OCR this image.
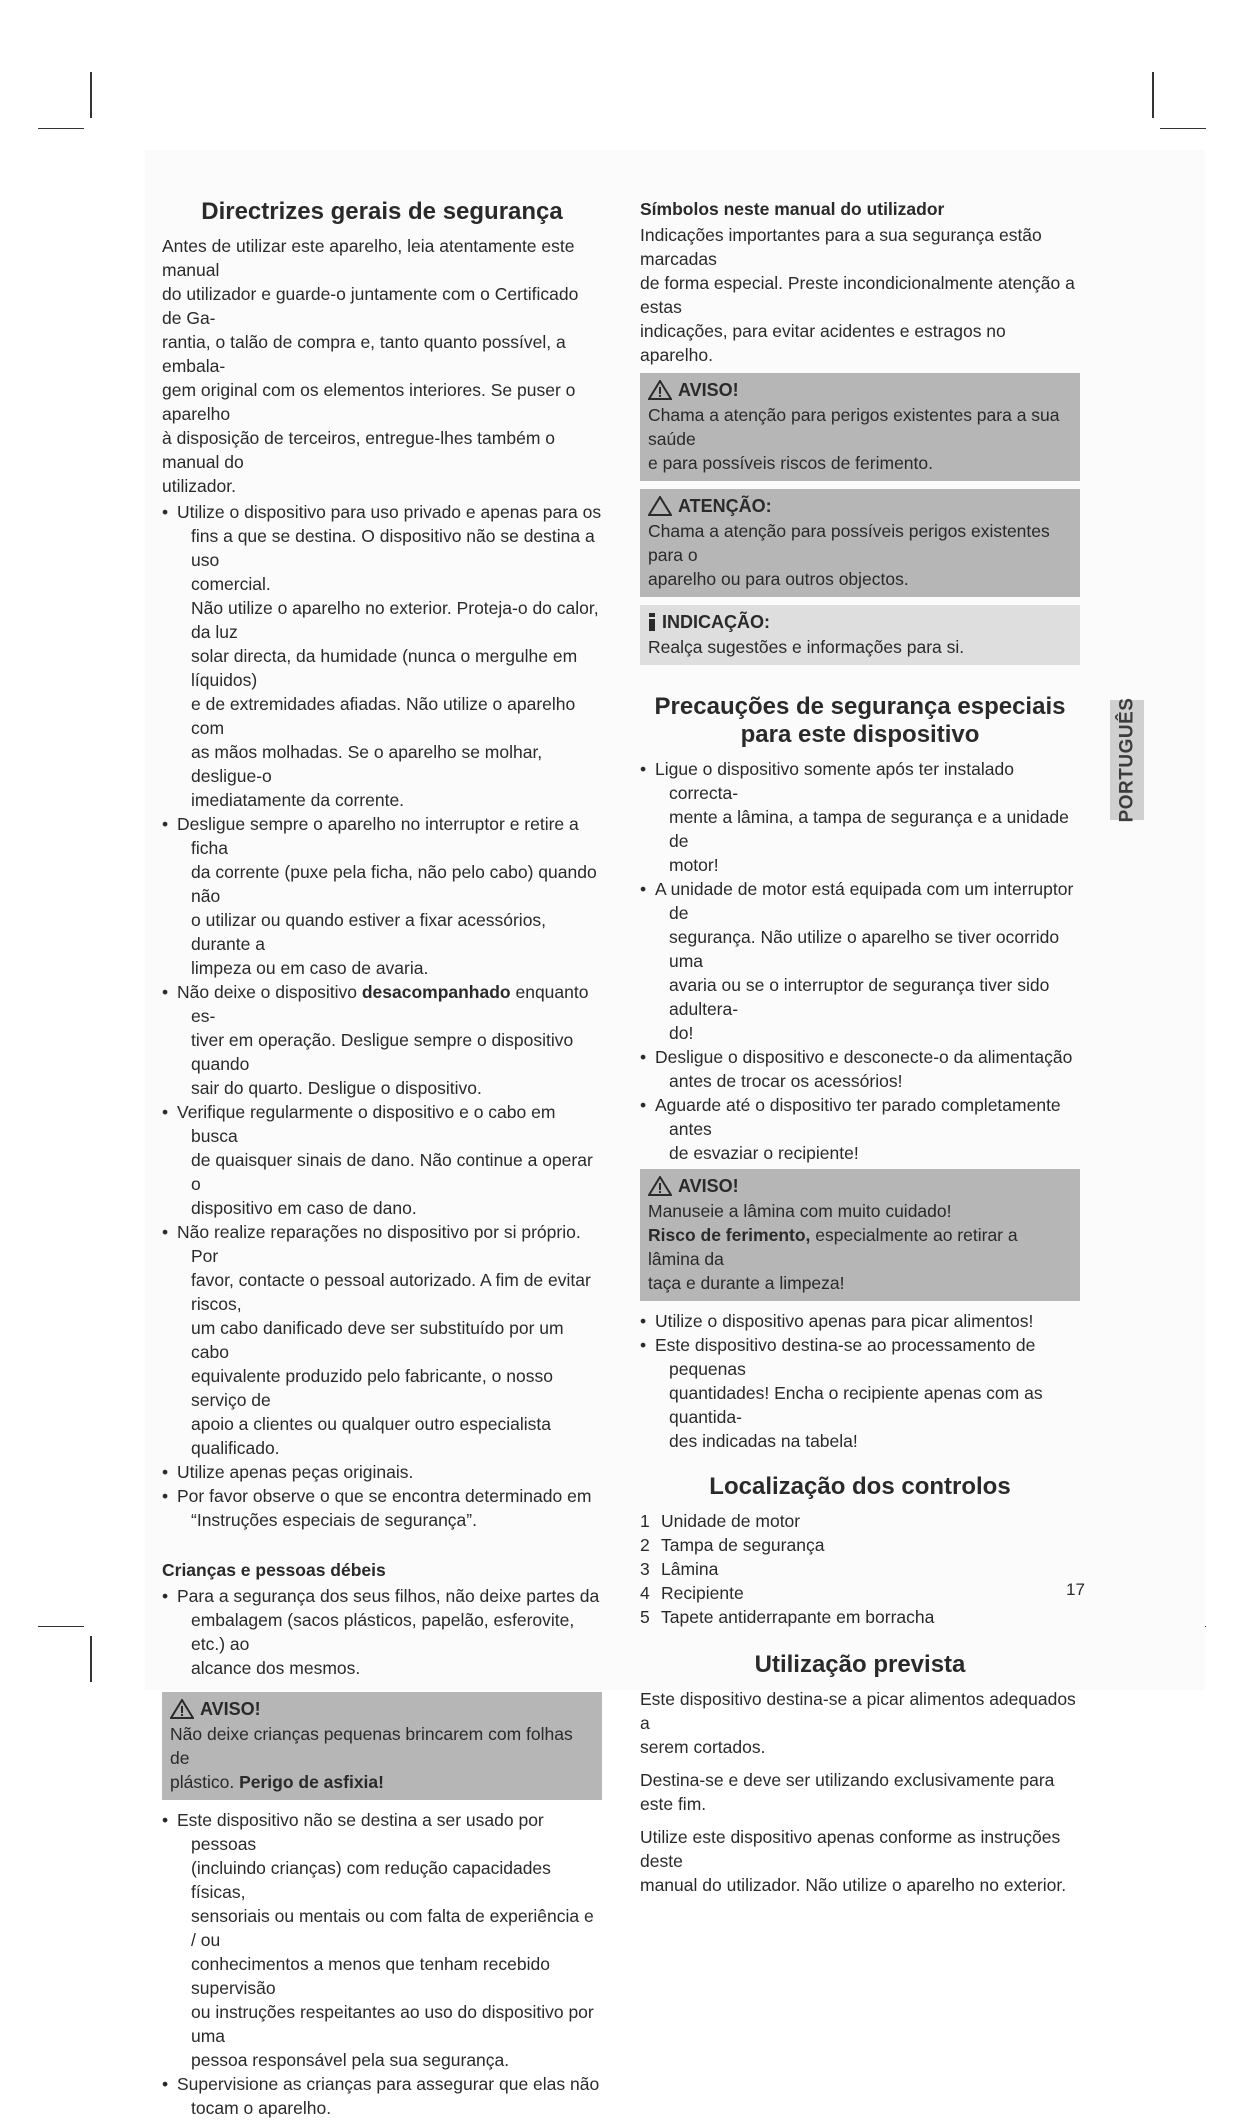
Directrizes gerais de segurança

Antes de utilizar este aparelho, leia atentamente este manual
do utilizador e guarde-o juntamente com o Certificado de Ga-
rantia, o talão de compra e, tanto quanto possível, a embala-
gem original com os elementos interiores. Se puser o aparelho
à disposição de terceiros, entregue-lhes também o manual do
utilizador.

• Utilize o dispositivo para uso privado e apenas para os
fins a que se destina. O dispositivo não se destina a uso
comercial.
Não utilize o aparelho no exterior. Proteja-o do calor, da luz
solar directa, da humidade (nunca o mergulhe em líquidos)
e de extremidades afiadas. Não utilize o aparelho com
as mãos molhadas. Se o aparelho se molhar, desligue-o
imediatamente da corrente.
• Desligue sempre o aparelho no interruptor e retire a ficha
da corrente (puxe pela ficha, não pelo cabo) quando não
o utilizar ou quando estiver a fixar acessórios, durante a
limpeza ou em caso de avaria.
• Não deixe o dispositivo desacompanhado enquanto es-
tiver em operação. Desligue sempre o dispositivo quando
sair do quarto. Desligue o dispositivo.
• Verifique regularmente o dispositivo e o cabo em busca
de quaisquer sinais de dano. Não continue a operar o
dispositivo em caso de dano.
• Não realize reparações no dispositivo por si próprio. Por
favor, contacte o pessoal autorizado. A fim de evitar riscos,
um cabo danificado deve ser substituído por um cabo
equivalente produzido pelo fabricante, o nosso serviço de
apoio a clientes ou qualquer outro especialista qualificado.
• Utilize apenas peças originais.
• Por favor observe o que se encontra determinado em
“Instruções especiais de segurança”.
Crianças e pessoas débeis
• Para a segurança dos seus filhos, não deixe partes da
embalagem (sacos plásticos, papelão, esferovite, etc.) ao
alcance dos mesmos.
AVISO!
Não deixe crianças pequenas brincarem com folhas de
plástico. Perigo de asfixia!
• Este dispositivo não se destina a ser usado por pessoas
(incluindo crianças) com redução capacidades físicas,
sensoriais ou mentais ou com falta de experiência e / ou
conhecimentos a menos que tenham recebido supervisão
ou instruções respeitantes ao uso do dispositivo por uma
pessoa responsável pela sua segurança.
• Supervisione as crianças para assegurar que elas não
tocam o aparelho.
Símbolos neste manual do utilizador

Indicações importantes para a sua segurança estão marcadas
de forma especial. Preste incondicionalmente atenção a estas
indicações, para evitar acidentes e estragos no aparelho.

AVISO!
Chama a atenção para perigos existentes para a sua saúde
e para possíveis riscos de ferimento.
ATENÇÃO:
Chama a atenção para possíveis perigos existentes para o
aparelho ou para outros objectos.
INDICAÇÃO:
Realça sugestões e informações para si.
Precauções de segurança especiais
para este dispositivo
• Ligue o dispositivo somente após ter instalado correcta-
mente a lâmina, a tampa de segurança e a unidade de
motor!
• A unidade de motor está equipada com um interruptor de
segurança. Não utilize o aparelho se tiver ocorrido uma
avaria ou se o interruptor de segurança tiver sido adultera-
do!
• Desligue o dispositivo e desconecte-o da alimentação
antes de trocar os acessórios!
• Aguarde até o dispositivo ter parado completamente antes
de esvaziar o recipiente!
AVISO!
Manuseie a lâmina com muito cuidado!
Risco de ferimento, especialmente ao retirar a lâmina da
taça e durante a limpeza!
• Utilize o dispositivo apenas para picar alimentos!
• Este dispositivo destina-se ao processamento de pequenas
quantidades! Encha o recipiente apenas com as quantida-
des indicadas na tabela!
Localização dos controlos
1 Unidade de motor
2 Tampa de segurança
3 Lâmina
4 Recipiente
5 Tapete antiderrapante em borracha
Utilização prevista

Este dispositivo destina-se a picar alimentos adequados a
serem cortados.

Destina-se e deve ser utilizando exclusivamente para este fim.

Utilize este dispositivo apenas conforme as instruções deste
manual do utilizador. Não utilize o aparelho no exterior.

PORTUGUÊS
17
